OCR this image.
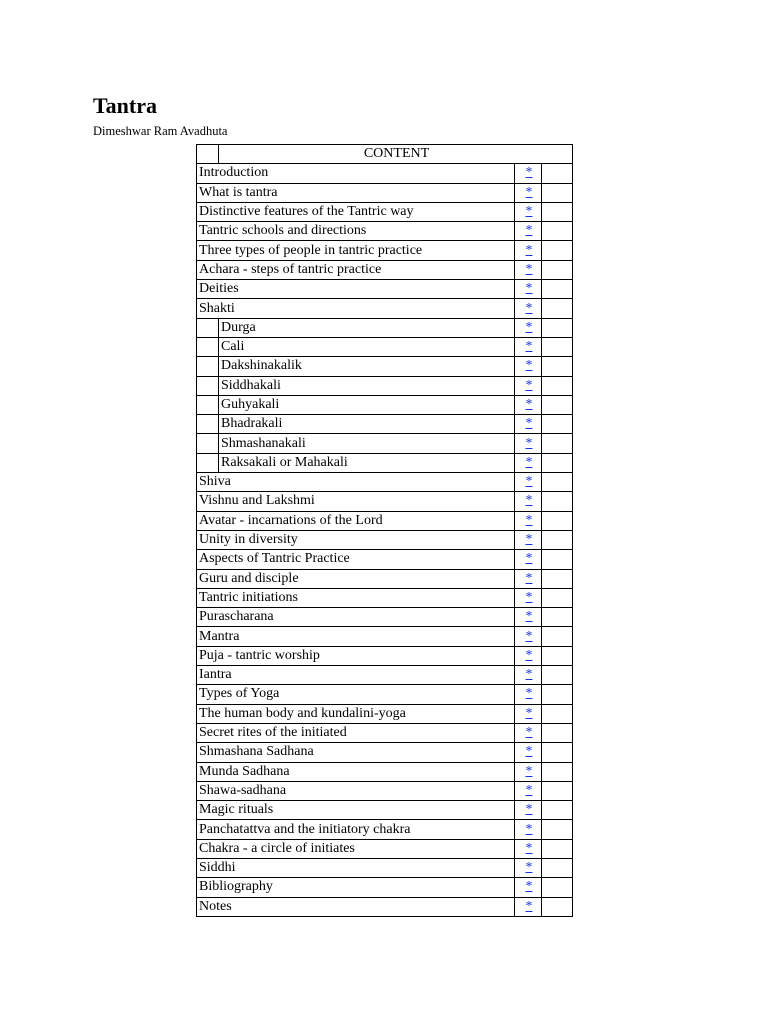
Tantra
Dimeshwar Ram Avadhuta
	CONTENT		
Introduction		*	
What is tantra		*	
Distinctive features of the Tantric way		*	
Tantric schools and directions		*	
Three types of people in tantric practice		*	
Achara - steps of tantric practice		*	
Deities		*	
Shakti		*	
	Durga	*	
	Cali	*	
	Dakshinakalik	*	
	Siddhakali	*	
	Guhyakali	*	
	Bhadrakali	*	
	Shmashanakali	*	
	Raksakali or Mahakali	*	
Shiva		*	
Vishnu and Lakshmi		*	
Avatar - incarnations of the Lord		*	
Unity in diversity		*	
Aspects of Tantric Practice		*	
Guru and disciple		*	
Tantric initiations		*	
Purascharana		*	
Mantra		*	
Puja - tantric worship		*	
Iantra		*	
Types of Yoga		*	
The human body and kundalini-yoga		*	
Secret rites of the initiated		*	
Shmashana Sadhana		*	
Munda Sadhana		*	
Shawa-sadhana		*	
Magic rituals		*	
Panchatattva and the initiatory chakra		*	
Chakra - a circle of initiates		*	
Siddhi		*	
Bibliography		*	
Notes		*	
